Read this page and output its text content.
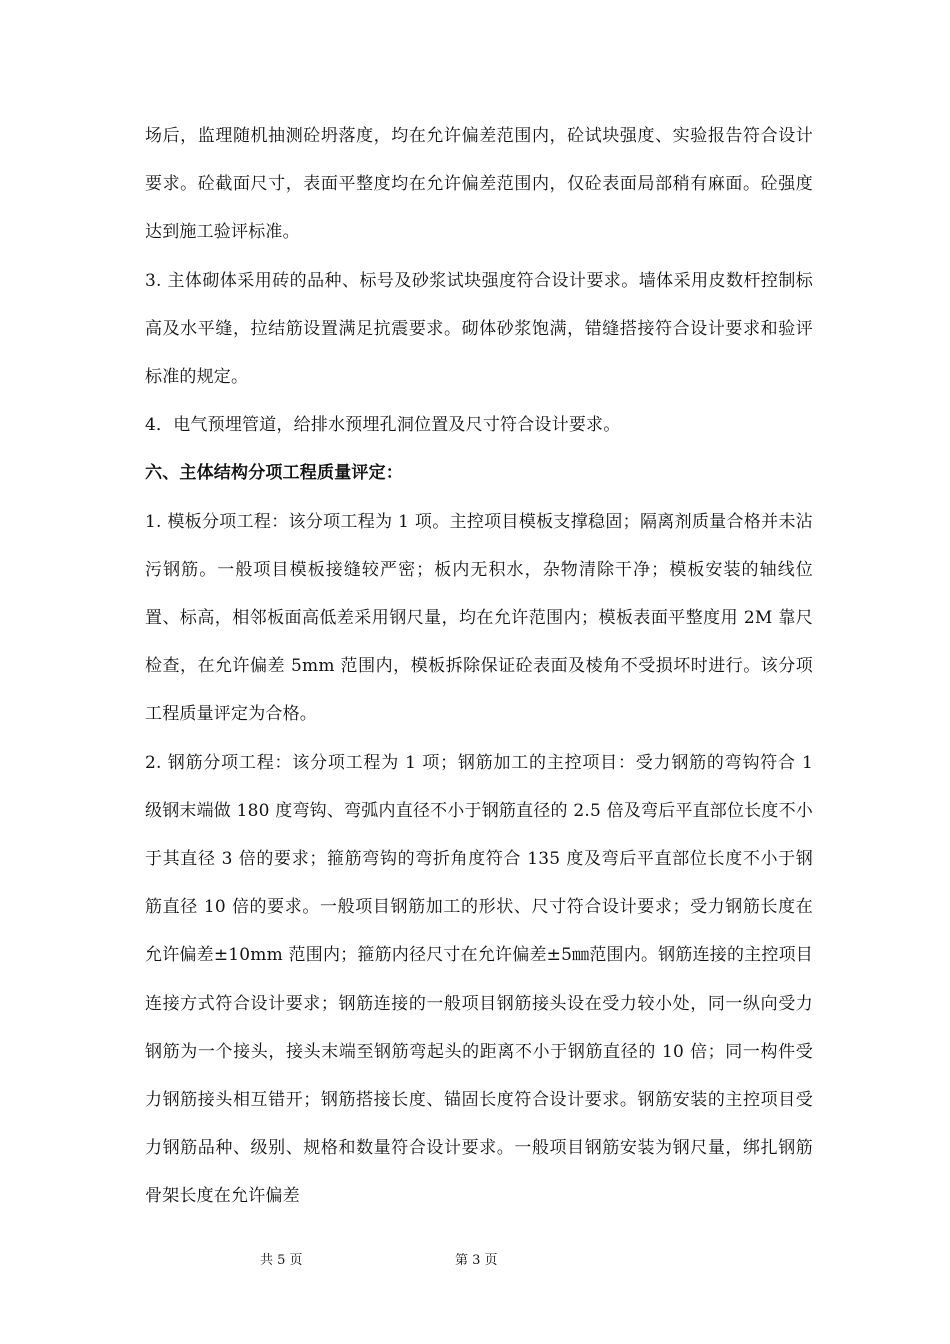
场后，监理随机抽测砼坍落度，均在允许偏差范围内，砼试块强度、实验报告符合设计要求。砼截面尺寸，表面平整度均在允许偏差范围内，仅砼表面局部稍有麻面。砼强度达到施工验评标准。

3. 主体砌体采用砖的品种、标号及砂浆试块强度符合设计要求。墙体采用皮数杆控制标高及水平缝，拉结筋设置满足抗震要求。砌体砂浆饱满，错缝搭接符合设计要求和验评标准的规定。

4．电气预埋管道，给排水预埋孔洞位置及尺寸符合设计要求。

六、主体结构分项工程质量评定：

1. 模板分项工程：该分项工程为 1 项。主控项目模板支撑稳固；隔离剂质量合格并未沾污钢筋。一般项目模板接缝较严密；板内无积水，杂物清除干净；模板安装的轴线位置、标高，相邻板面高低差采用钢尺量，均在允许范围内；模板表面平整度用 2M 靠尺检查，在允许偏差 5mm 范围内，模板拆除保证砼表面及棱角不受损坏时进行。该分项工程质量评定为合格。

2. 钢筋分项工程：该分项工程为 1 项；钢筋加工的主控项目：受力钢筋的弯钩符合 1 级钢末端做 180 度弯钩、弯弧内直径不小于钢筋直径的 2.5 倍及弯后平直部位长度不小于其直径 3 倍的要求；箍筋弯钩的弯折角度符合 135 度及弯后平直部位长度不小于钢筋直径 10 倍的要求。一般项目钢筋加工的形状、尺寸符合设计要求；受力钢筋长度在允许偏差±10mm 范围内；箍筋内径尺寸在允许偏差±5㎜范围内。钢筋连接的主控项目连接方式符合设计要求；钢筋连接的一般项目钢筋接头设在受力较小处，同一纵向受力钢筋为一个接头，接头末端至钢筋弯起头的距离不小于钢筋直径的 10 倍；同一构件受力钢筋接头相互错开；钢筋搭接长度、锚固长度符合设计要求。钢筋安装的主控项目受力钢筋品种、级别、规格和数量符合设计要求。一般项目钢筋安装为钢尺量，绑扎钢筋骨架长度在允许偏差

共 5 页	第 3 页
